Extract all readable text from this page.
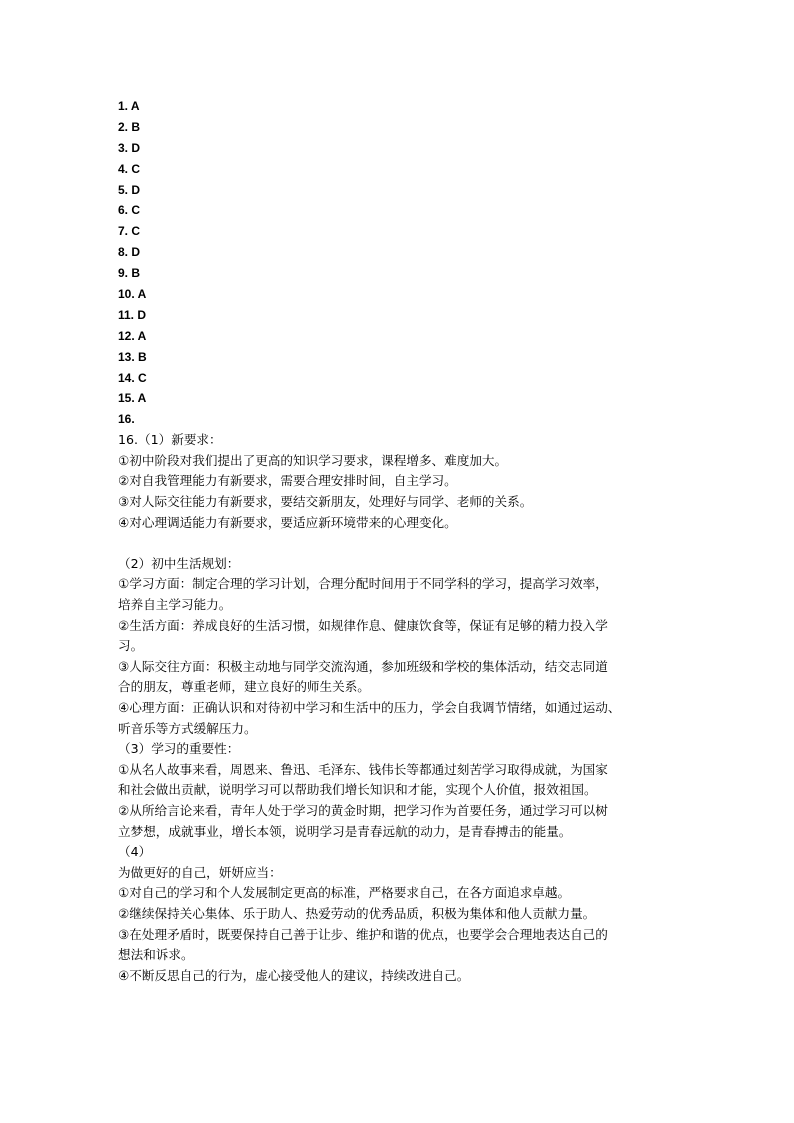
1. A
2. B
3. D
4. C
5. D
6. C
7. C
8. D
9. B
10. A
11. D
12. A
13. B
14. C
15. A
16.
16.（1）新要求：
①初中阶段对我们提出了更高的知识学习要求，课程增多、难度加大。
②对自我管理能力有新要求，需要合理安排时间，自主学习。
③对人际交往能力有新要求，要结交新朋友，处理好与同学、老师的关系。
④对心理调适能力有新要求，要适应新环境带来的心理变化。
（2）初中生活规划：
①学习方面：制定合理的学习计划，合理分配时间用于不同学科的学习，提高学习效率，
培养自主学习能力。
②生活方面：养成良好的生活习惯，如规律作息、健康饮食等，保证有足够的精力投入学
习。
③人际交往方面：积极主动地与同学交流沟通，参加班级和学校的集体活动，结交志同道
合的朋友，尊重老师，建立良好的师生关系。
④心理方面：正确认识和对待初中学习和生活中的压力，学会自我调节情绪，如通过运动、
听音乐等方式缓解压力。
（3）学习的重要性：
①从名人故事来看，周恩来、鲁迅、毛泽东、钱伟长等都通过刻苦学习取得成就，为国家
和社会做出贡献，说明学习可以帮助我们增长知识和才能，实现个人价值，报效祖国。
②从所给言论来看，青年人处于学习的黄金时期，把学习作为首要任务，通过学习可以树
立梦想，成就事业，增长本领，说明学习是青春远航的动力，是青春搏击的能量。
（4）
为做更好的自己，妍妍应当：
①对自己的学习和个人发展制定更高的标准，严格要求自己，在各方面追求卓越。
②继续保持关心集体、乐于助人、热爱劳动的优秀品质，积极为集体和他人贡献力量。
③在处理矛盾时，既要保持自己善于让步、维护和谐的优点，也要学会合理地表达自己的
想法和诉求。
④不断反思自己的行为，虚心接受他人的建议，持续改进自己。
